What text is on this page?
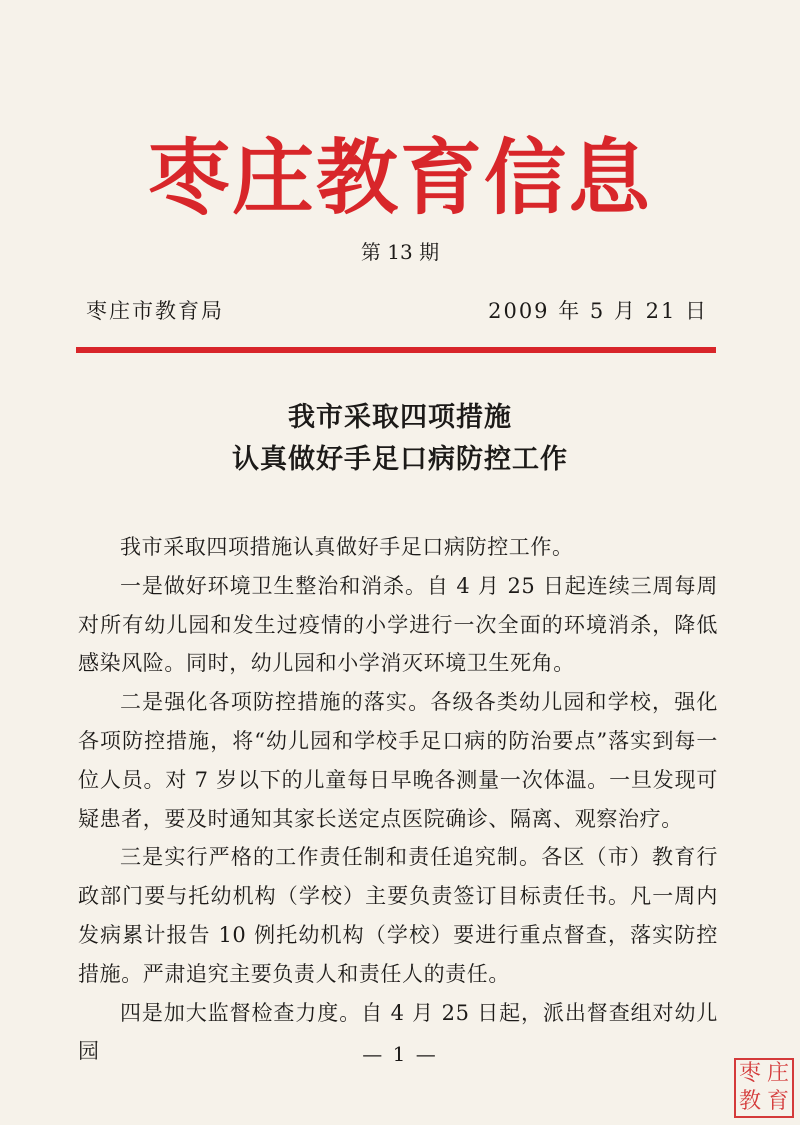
枣庄教育信息
第 13 期
枣庄市教育局	2009 年 5 月 21 日
我市采取四项措施
认真做好手足口病防控工作

我市采取四项措施认真做好手足口病防控工作。

一是做好环境卫生整治和消杀。自 4 月 25 日起连续三周每周对所有幼儿园和发生过疫情的小学进行一次全面的环境消杀，降低感染风险。同时，幼儿园和小学消灭环境卫生死角。

二是强化各项防控措施的落实。各级各类幼儿园和学校，强化各项防控措施，将“幼儿园和学校手足口病的防治要点”落实到每一位人员。对 7 岁以下的儿童每日早晚各测量一次体温。一旦发现可疑患者，要及时通知其家长送定点医院确诊、隔离、观察治疗。

三是实行严格的工作责任制和责任追究制。各区（市）教育行政部门要与托幼机构（学校）主要负责签订目标责任书。凡一周内发病累计报告 10 例托幼机构（学校）要进行重点督查，落实防控措施。严肃追究主要负责人和责任人的责任。

四是加大监督检查力度。自 4 月 25 日起，派出督查组对幼儿园	— 1 —
枣 庄
教 育
